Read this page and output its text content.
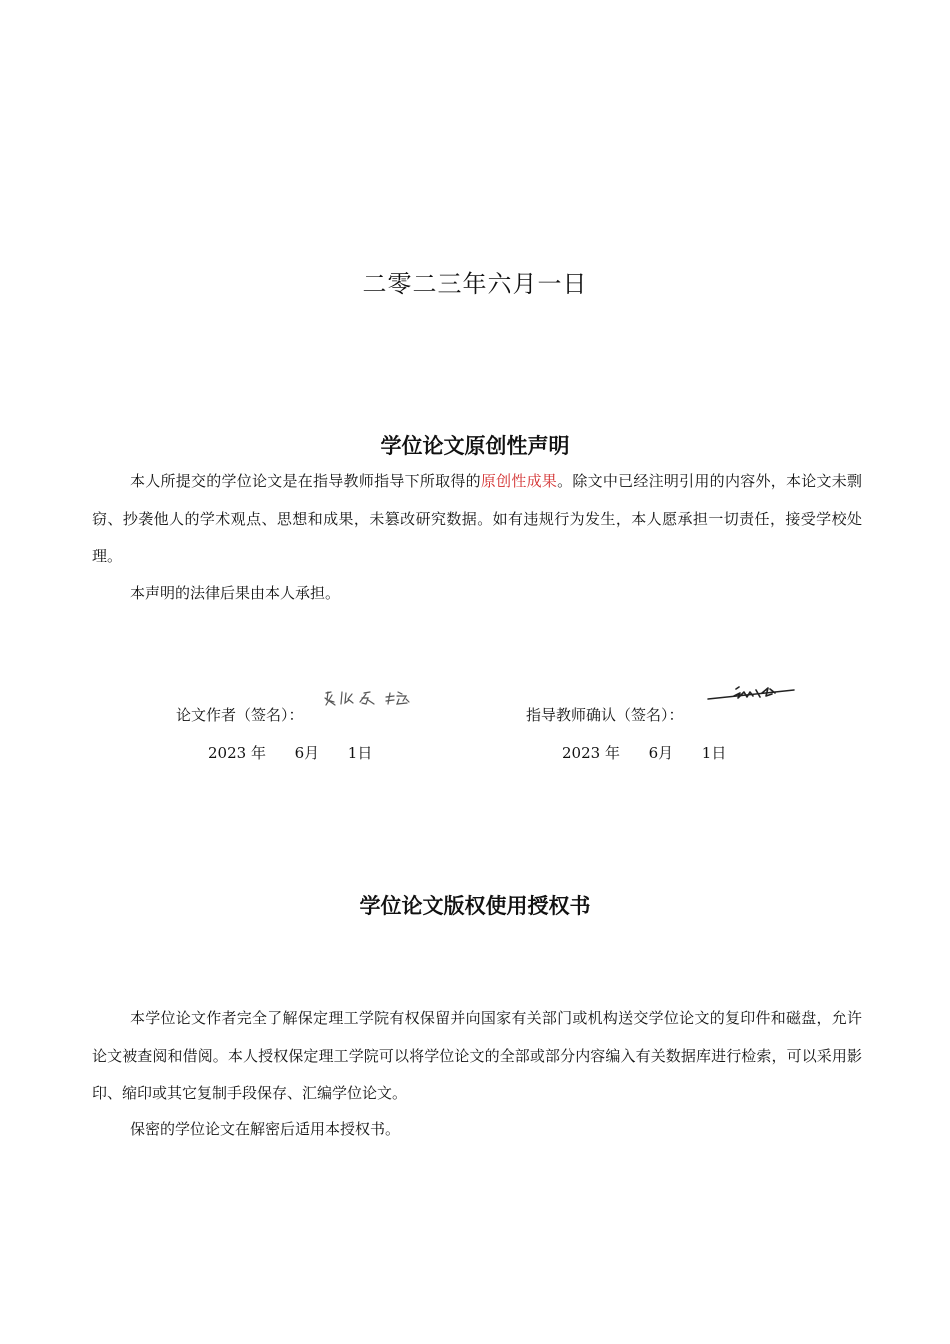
二零二三年六月一日
学位论文原创性声明

本人所提交的学位论文是在指导教师指导下所取得的原创性成果。除文中已经注明引用的内容外，本论文未剽窃、抄袭他人的学术观点、思想和成果，未篡改研究数据。如有违规行为发生，本人愿承担一切责任，接受学校处理。

本声明的法律后果由本人承担。

论文作者（签名）：	指导教师确认（签名）：
2023 年 6月 1日	2023 年 6月 1日
学位论文版权使用授权书

本学位论文作者完全了解保定理工学院有权保留并向国家有关部门或机构送交学位论文的复印件和磁盘，允许论文被查阅和借阅。本人授权保定理工学院可以将学位论文的全部或部分内容编入有关数据库进行检索，可以采用影印、缩印或其它复制手段保存、汇编学位论文。

保密的学位论文在解密后适用本授权书。
